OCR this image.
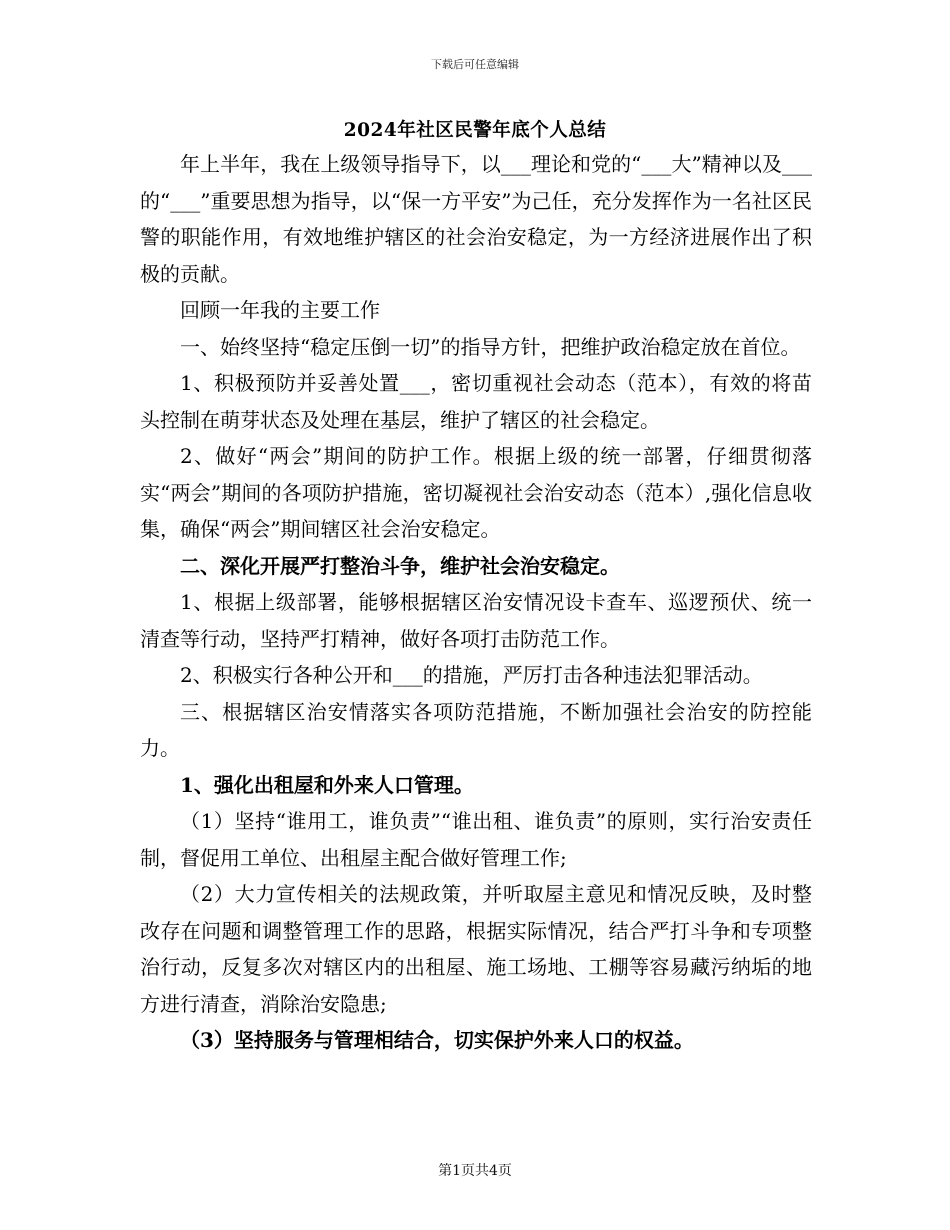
下载后可任意编辑
2024年社区民警年底个人总结

年上半年，我在上级领导指导下，以___理论和党的“___大”精神以及___的“___”重要思想为指导，以“保一方平安”为己任，充分发挥作为一名社区民警的职能作用，有效地维护辖区的社会治安稳定，为一方经济进展作出了积极的贡献。

回顾一年我的主要工作

一、始终坚持“稳定压倒一切”的指导方针，把维护政治稳定放在首位。

1、积极预防并妥善处置___，密切重视社会动态（范本），有效的将苗头控制在萌芽状态及处理在基层，维护了辖区的社会稳定。

2、做好“两会”期间的防护工作。根据上级的统一部署，仔细贯彻落实“两会”期间的各项防护措施，密切凝视社会治安动态（范本）,强化信息收集，确保“两会”期间辖区社会治安稳定。

二、深化开展严打整治斗争，维护社会治安稳定。

1、根据上级部署，能够根据辖区治安情况设卡查车、巡逻预伏、统一清查等行动，坚持严打精神，做好各项打击防范工作。

2、积极实行各种公开和___的措施，严厉打击各种违法犯罪活动。

三、根据辖区治安情落实各项防范措施，不断加强社会治安的防控能力。

1、强化出租屋和外来人口管理。

（1）坚持“谁用工，谁负责”“谁出租、谁负责”的原则，实行治安责任制，督促用工单位、出租屋主配合做好管理工作;

（2）大力宣传相关的法规政策，并听取屋主意见和情况反映，及时整改存在问题和调整管理工作的思路，根据实际情况，结合严打斗争和专项整治行动，反复多次对辖区内的出租屋、施工场地、工棚等容易藏污纳垢的地方进行清查，消除治安隐患;

（3）坚持服务与管理相结合，切实保护外来人口的权益。

第1页共4页
